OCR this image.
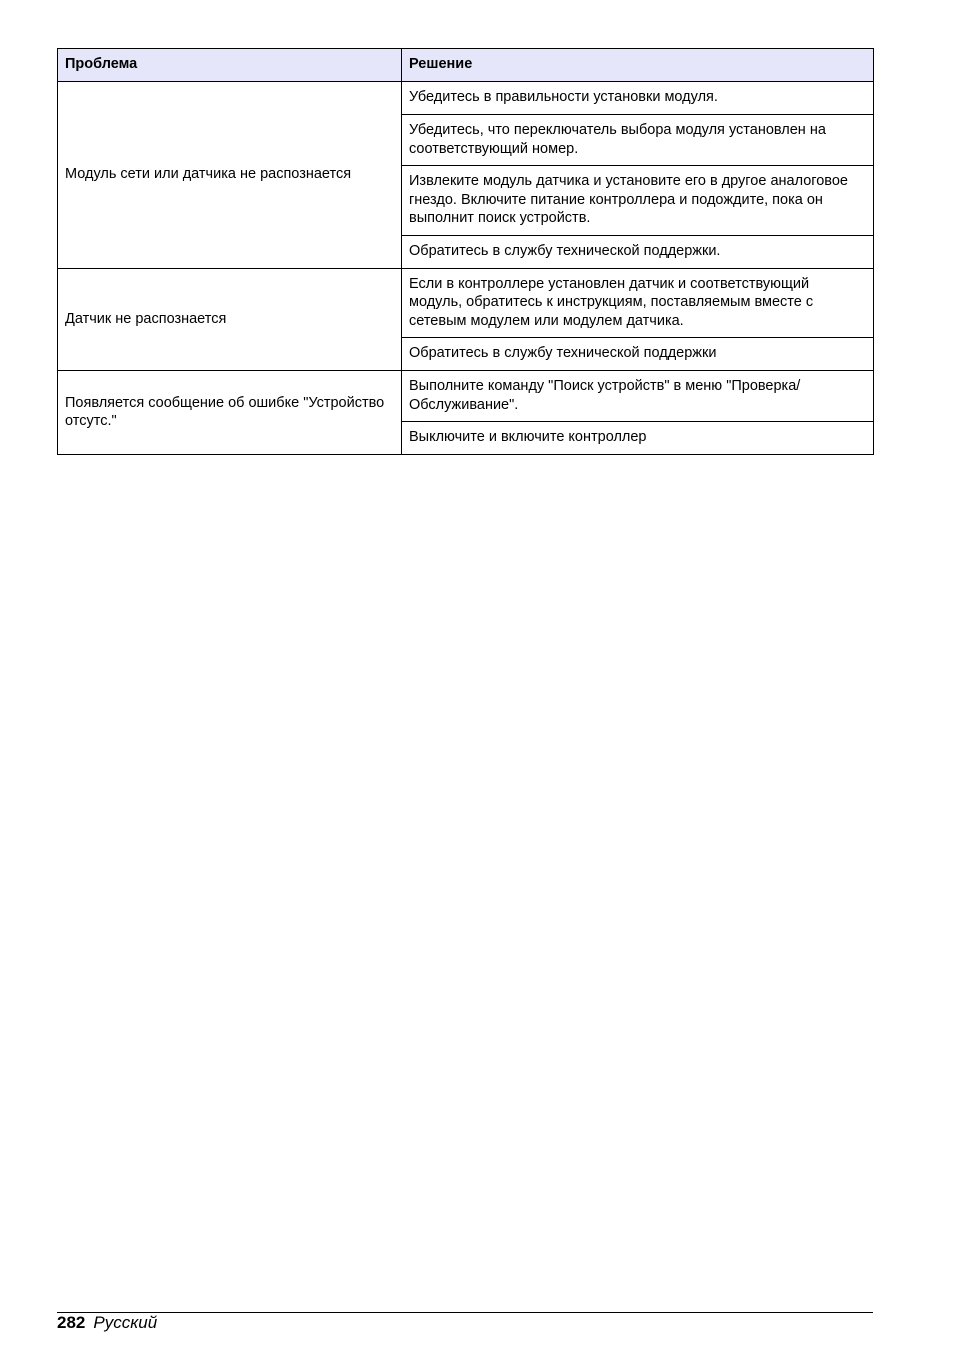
Проблема	Решение
Модуль сети или датчика не распознается	Убедитесь в правильности установки модуля.
	Убедитесь, что переключатель выбора модуля установлен на соответствующий номер.
	Извлеките модуль датчика и установите его в другое аналоговое гнездо. Включите питание контроллера и подождите, пока он выполнит поиск устройств.
	Обратитесь в службу технической поддержки.
Датчик не распознается	Если в контроллере установлен датчик и соответствующий модуль, обратитесь к инструкциям, поставляемым вместе с сетевым модулем или модулем датчика.
	Обратитесь в службу технической поддержки
Появляется сообщение об ошибке "Устройство отсутс."	Выполните команду "Поиск устройств" в меню "Проверка/Обслуживание".
	Выключите и включите контроллер
282 Русский
